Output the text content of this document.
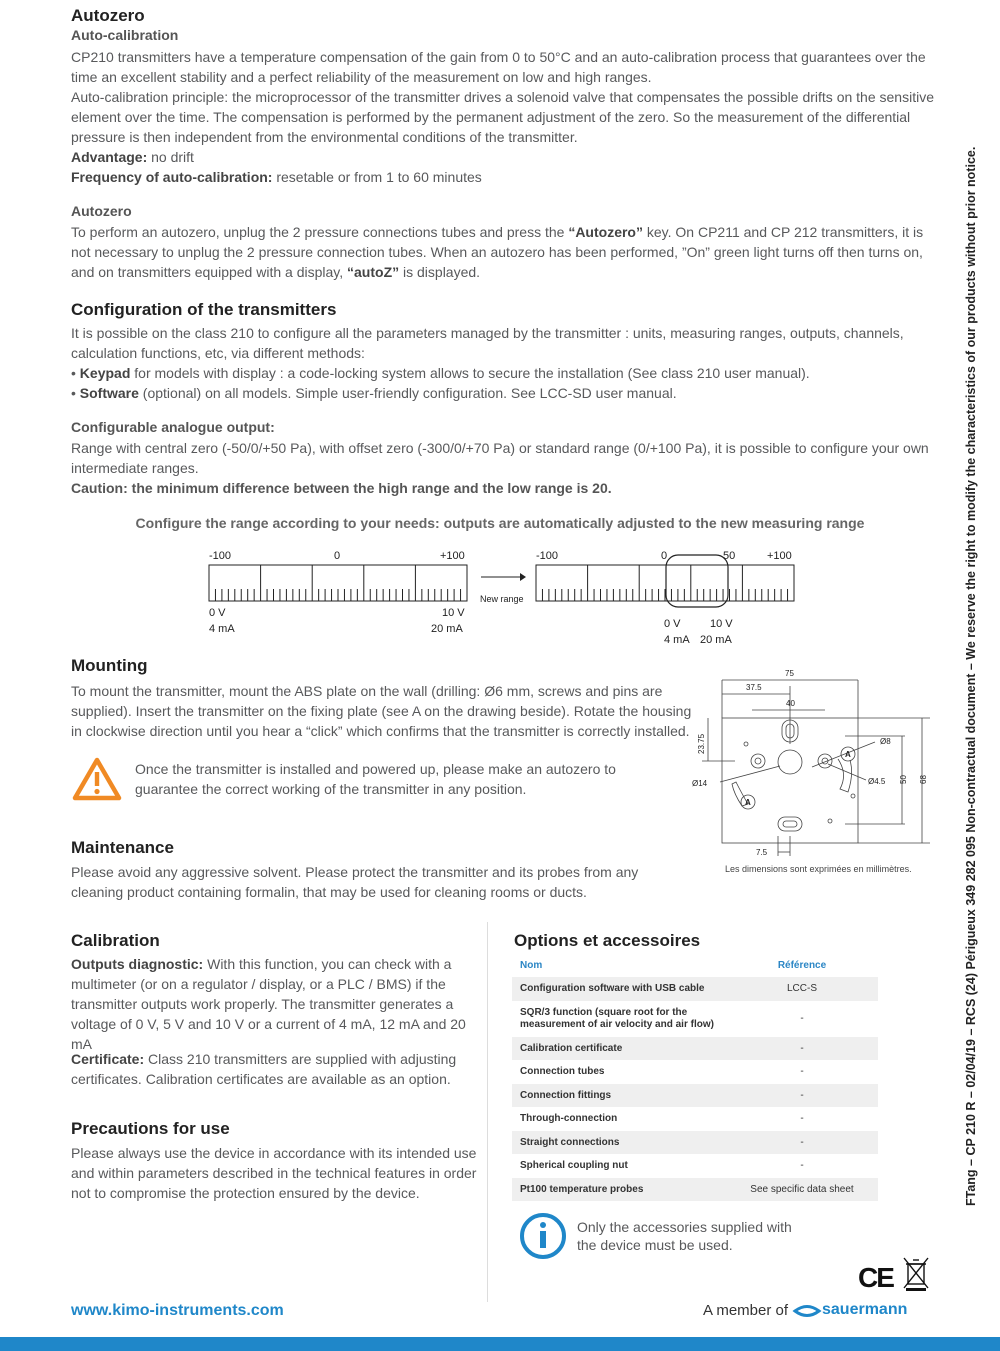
Autozero
Auto-calibration

CP210 transmitters have a temperature compensation of the gain from 0 to 50°C and an auto-calibration process that guarantees over the time an excellent stability and a perfect reliability of the measurement on low and high ranges.

Auto-calibration principle: the microprocessor of the transmitter drives a solenoid valve that compensates the possible drifts on the sensitive element over the time. The compensation is performed by the permanent adjustment of the zero. So the measurement of the differential pressure is then independent from the environmental conditions of the transmitter.

Advantage: no drift

Frequency of auto-calibration: resetable or from 1 to 60 minutes

Autozero

To perform an autozero, unplug the 2 pressure connections tubes and press the “Autozero” key. On CP211 and CP 212 transmitters, it is not necessary to unplug the 2 pressure connection tubes. When an autozero has been performed, ”On” green light turns off then turns on, and on transmitters equipped with a display, “autoZ” is displayed.

Configuration of the transmitters

It is possible on the class 210 to configure all the parameters managed by the transmitter : units, measuring ranges, outputs, channels, calculation functions, etc, via different methods:

• Keypad for models with display : a code-locking system allows to secure the installation (See class 210 user manual).

• Software (optional) on all models. Simple user-friendly configuration. See LCC-SD user manual.

Configurable analogue output:

Range with central zero (-50/0/+50 Pa), with offset zero (-300/0/+70 Pa) or standard range (0/+100 Pa), it is possible to configure your own intermediate ranges.

Caution: the minimum difference between the high range and the low range is 20.

Configure the range according to your needs: outputs are automatically adjusted to the new measuring range

-100	0	+100	-100	0	50	+100
0 V
4 mA
10 V
20 mA	0 V
4 mA
10 V
20 mA
New range
Mounting

To mount the transmitter, mount the ABS plate on the wall (drilling: Ø6 mm, screws and pins are supplied). Insert the transmitter on the fixing plate (see A on the drawing beside). Rotate the housing in clockwise direction until you hear a “click” which confirms that the transmitter is correctly installed.

Once the transmitter is installed and powered up, please make an autozero to guarantee the correct working of the transmitter in any position.

75
37.5
40
23.75	Ø8
Ø14	Ø4.5 50 68
7.5
A
A
Les dimensions sont exprimées en millimètres.
Maintenance

Please avoid any aggressive solvent. Please protect the transmitter and its probes from any cleaning product containing formalin, that may be used for cleaning rooms or ducts.

Calibration

Outputs diagnostic: With this function, you can check with a multimeter (or on a regulator / display, or a PLC / BMS) if the transmitter outputs work properly. The transmitter generates a voltage of 0 V, 5 V and 10 V or a current of 4 mA, 12 mA and 20 mA

Certificate: Class 210 transmitters are supplied with adjusting certificates. Calibration certificates are available as an option.

Precautions for use

Please always use the device in accordance with its intended use and within parameters described in the technical features in order not to compromise the protection ensured by the device.

Options et accessoires
Nom	Référence
Configuration software with USB cable	LCC-S
SQR/3 function (square root for the measurement of air velocity and air flow)	-
Calibration certificate	-
Connection tubes	-
Connection fittings	-
Through-connection	-
Straight connections	-
Spherical coupling nut	-
Pt100 temperature probes	See specific data sheet

Only the accessories supplied with the device must be used.

CE
www.kimo-instruments.com	A member of sauermann
FTang – CP 210 R – 02/04/19 – RCS (24) Périgueux 349 282 095 Non-contractual document – We reserve the right to modify the characteristics of our products without prior notice.
